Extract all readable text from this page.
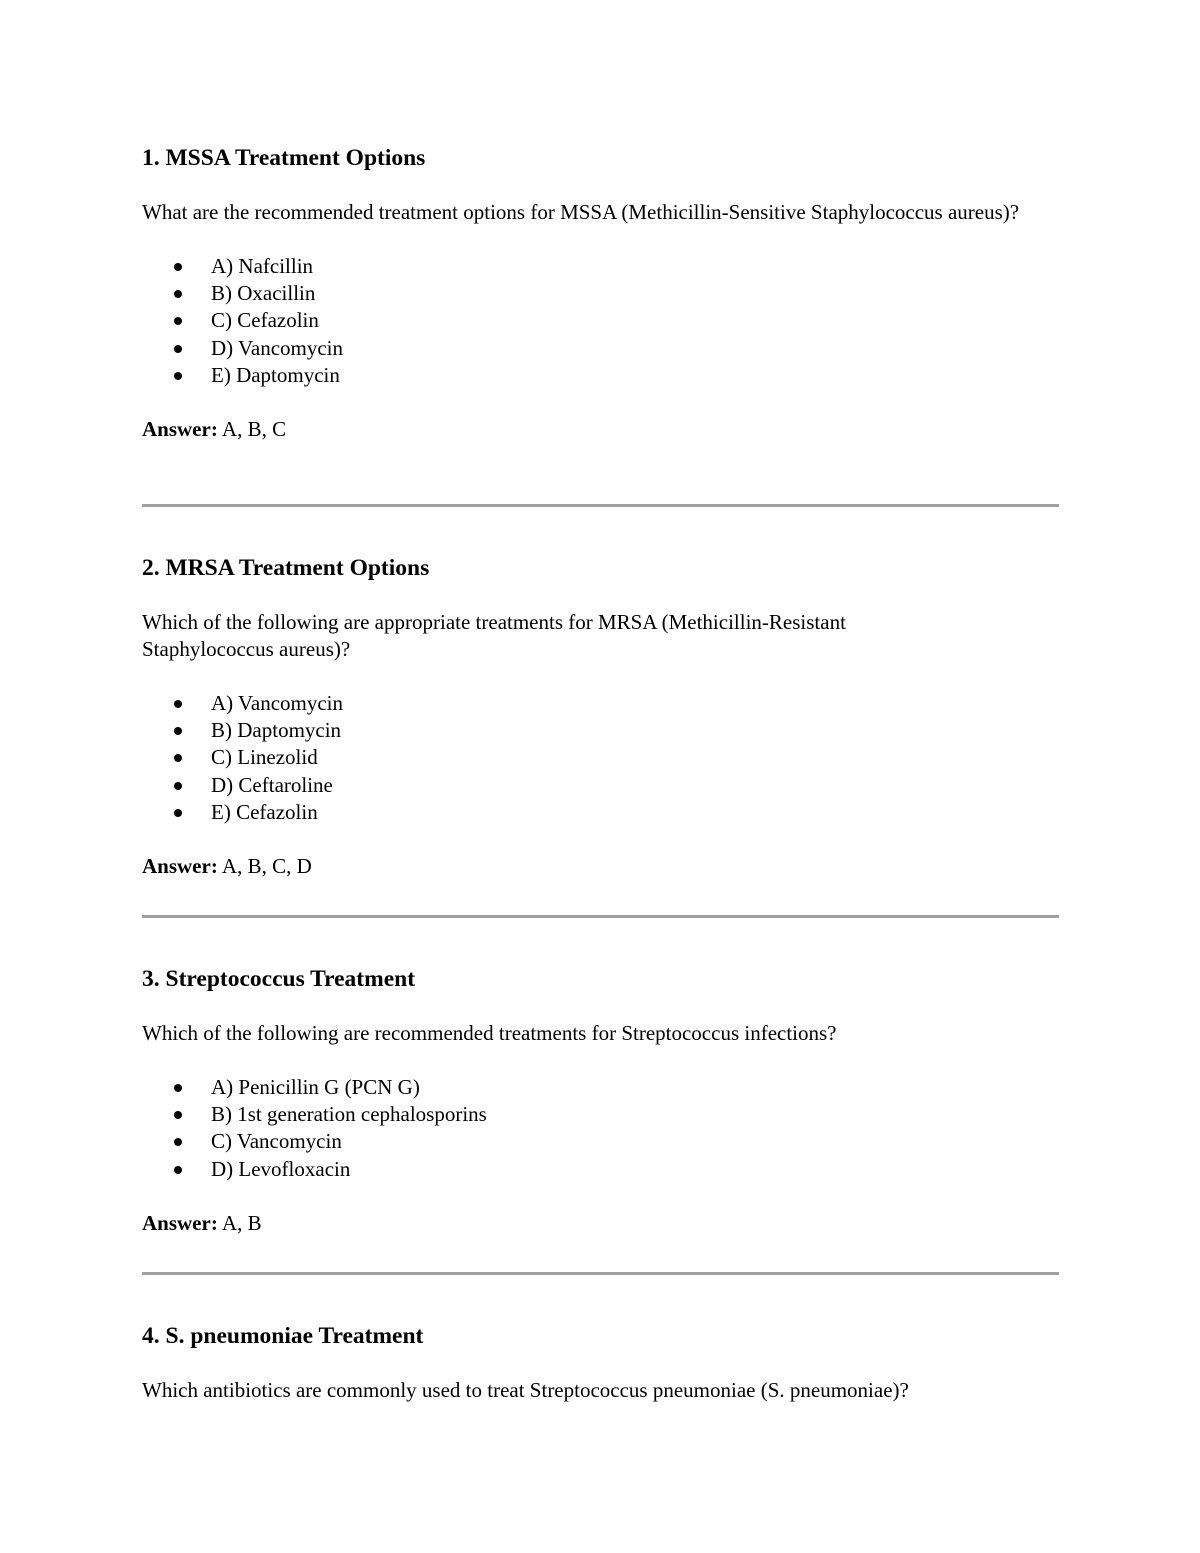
1. MSSA Treatment Options

What are the recommended treatment options for MSSA (Methicillin-Sensitive Staphylococcus aureus)?

A) Nafcillin
B) Oxacillin
C) Cefazolin
D) Vancomycin
E) Daptomycin

Answer: A, B, C

2. MRSA Treatment Options

Which of the following are appropriate treatments for MRSA (Methicillin-Resistant Staphylococcus aureus)?

A) Vancomycin
B) Daptomycin
C) Linezolid
D) Ceftaroline
E) Cefazolin

Answer: A, B, C, D

3. Streptococcus Treatment

Which of the following are recommended treatments for Streptococcus infections?

A) Penicillin G (PCN G)
B) 1st generation cephalosporins
C) Vancomycin
D) Levofloxacin

Answer: A, B

4. S. pneumoniae Treatment

Which antibiotics are commonly used to treat Streptococcus pneumoniae (S. pneumoniae)?
